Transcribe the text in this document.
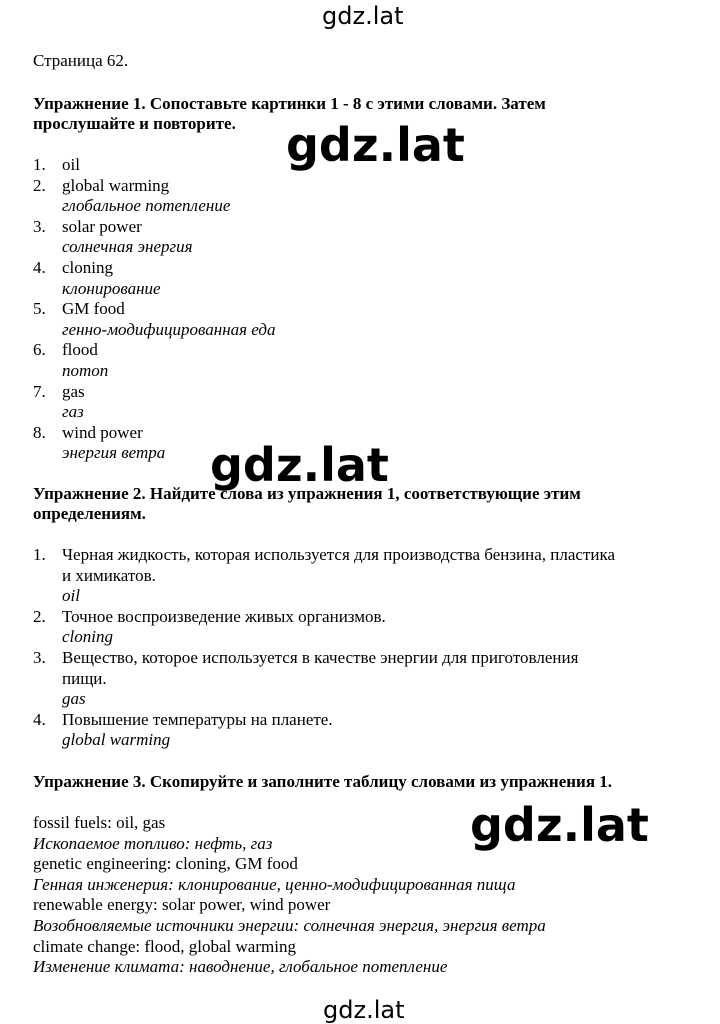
gdz.lat
Страница 62.
Упражнение 1. Сопоставьте картинки 1 - 8 с этими словами. Затем
прослушайте и повторите. gdz.lat
1. oil
2. global warming
глобальное потепление
3. solar power
солнечная энергия
4. cloning
клонирование
5. GM food
генно-модифицированная еда
6. flood
потоп
7. gas
газ
8. wind power
энергия ветра
Упражнение 2. Найдите слова из упражнения 1, соответствующие этим
определениям.
gdz.lat
1. Черная жидкость, которая используется для производства бензина, пластика
и химикатов.
oil
2. Точное воспроизведение живых организмов.
cloning
3. Вещество, которое используется в качестве энергии для приготовления
пищи.
gas
4. Повышение температуры на планете.
global warming
Упражнение 3. Скопируйте и заполните таблицу словами из упражнения 1.
fossil fuels: oil, gas
Ископаемое топливо: нефть, газ
genetic engineering: cloning, GM food
Генная инженерия: клонирование, ценно-модифицированная пища
renewable energy: solar power, wind power
Возобновляемые источники энергии: солнечная энергия, энергия ветра
climate change: flood, global warming
Изменение климата: наводнение, глобальное потепление
gdz.lat
gdz.lat
